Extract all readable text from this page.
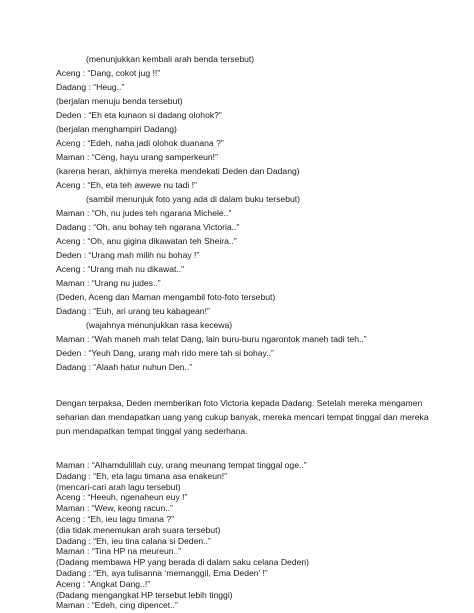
(menunjukkan kembali arah benda tersebut)
Aceng : “Dang, cokot jug !!”
Dadang : “Heug..”
(berjalan menuju benda tersebut)
Deden : “Eh eta kunaon si dadang olohok?”
(berjalan menghampiri Dadang)
Aceng : “Edeh, naha jadi olohok duanana ?”
Maman : “Ceng, hayu urang samperkeun!”
(karena heran, akhirnya mereka mendekati Deden dan Dadang)
Aceng : “Eh, eta teh awewe nu tadi !”
(sambil menunjuk foto yang ada di dalam buku tersebut)
Maman : “Oh, nu judes teh ngarana Michele..”
Dadang : “Oh, anu bohay teh ngarana Victoria..”
Aceng : “Oh, anu gigina dikawatan teh Sheira..”
Deden : “Urang mah milih nu bohay !”
Aceng : “Urang mah nu dikawat..”
Maman : “Urang nu judes..”
(Deden, Aceng dan Maman mengambil foto-foto tersebut)
Dadang : “Euh, ari urang teu kabagean!”
(wajahnya menunjukkan rasa kecewa)
Maman : “Wah maneh mah telat Dang, lain buru-buru ngarontok maneh tadi teh..”
Deden : “Yeuh Dang, urang mah rido mere tah si bohay..”
Dadang : “Alaah hatur nuhun Den..”
Dengan terpaksa, Deden memberikan foto Victoria kepada Dadang. Setelah mereka mengamen seharian dan mendapatkan uang yang cukup banyak, mereka mencari tempat tinggal dan mereka pun mendapatkan tempat tinggal yang sederhana.
Maman : “Alhamdulillah cuy, urang meunang tempat tinggal oge..”
Dadang : “Eh, eta lagu timana asa enakeun!”
(mencari-cari arah lagu tersebut)
Aceng : “Heeuh, ngenaheun euy !”
Maman : “Wew, keong racun..”
Aceng : “Eh, ieu lagu timana ?”
(dia tidak menemukan arah suara tersebut)
Dadang : “Eh, ieu tina calana si Deden..”
Maman : “Tina HP na meureun..”
(Dadang membawa HP yang berada di dalam saku celana Deden)
Dadang : “Eh, aya tulisanna ‘memanggil, Ema Deden’ !”
Aceng : “Angkat Dang..!”
(Dadang mengangkat HP tersebut lebih tinggi)
Maman : “Edeh, cing dipencet..”
